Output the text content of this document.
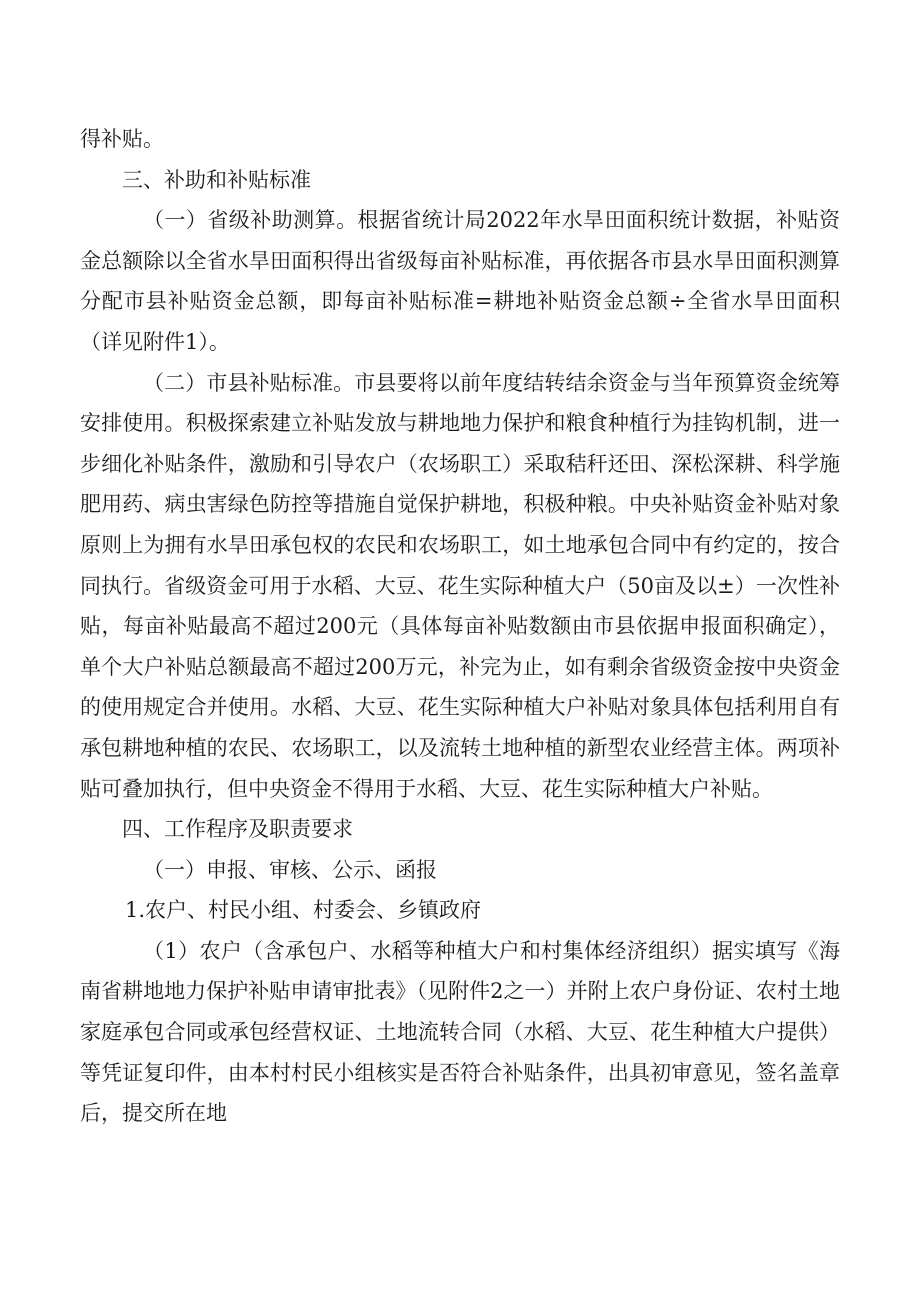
得补贴。

三、补助和补贴标准

（一）省级补助测算。根据省统计局2022年水旱田面积统计数据，补贴资金总额除以全省水旱田面积得出省级每亩补贴标准，再依据各市县水旱田面积测算分配市县补贴资金总额，即每亩补贴标准=耕地补贴资金总额÷全省水旱田面积（详见附件1）。

（二）市县补贴标准。市县要将以前年度结转结余资金与当年预算资金统筹安排使用。积极探索建立补贴发放与耕地地力保护和粮食种植行为挂钩机制，进一步细化补贴条件，激励和引导农户（农场职工）采取秸秆还田、深松深耕、科学施肥用药、病虫害绿色防控等措施自觉保护耕地，积极种粮。中央补贴资金补贴对象原则上为拥有水旱田承包权的农民和农场职工，如土地承包合同中有约定的，按合同执行。省级资金可用于水稻、大豆、花生实际种植大户（50亩及以±）一次性补贴，每亩补贴最高不超过200元（具体每亩补贴数额由市县依据申报面积确定），单个大户补贴总额最高不超过200万元，补完为止，如有剩余省级资金按中央资金的使用规定合并使用。水稻、大豆、花生实际种植大户补贴对象具体包括利用自有承包耕地种植的农民、农场职工，以及流转土地种植的新型农业经营主体。两项补贴可叠加执行，但中央资金不得用于水稻、大豆、花生实际种植大户补贴。

四、工作程序及职责要求

（一）申报、审核、公示、函报

1.农户、村民小组、村委会、乡镇政府

（1）农户（含承包户、水稻等种植大户和村集体经济组织）据实填写《海南省耕地地力保护补贴申请审批表》（见附件2之一）并附上农户身份证、农村土地家庭承包合同或承包经营权证、土地流转合同（水稻、大豆、花生种植大户提供）等凭证复印件，由本村村民小组核实是否符合补贴条件，出具初审意见，签名盖章后，提交所在地
